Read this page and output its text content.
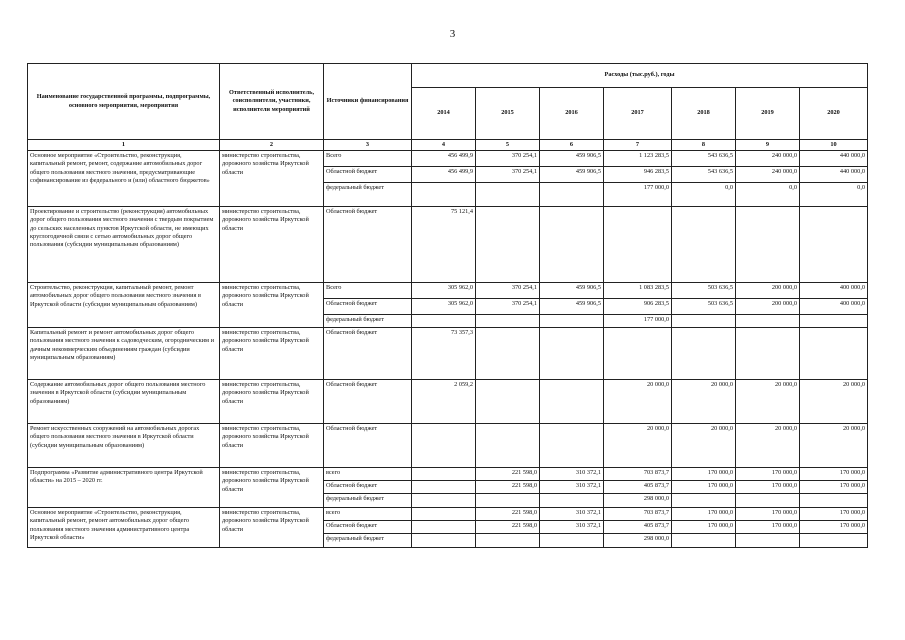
3
Наименование государственной программы, подпрограммы, основного мероприятия, мероприятия	Ответственный исполнитель, соисполнители, участники, исполнители мероприятий	Источники финансирования	Расходы (тыс.руб.), годы						
			2014	2015	2016	2017	2018	2019	2020
1	2	3	4	5	6	7	8	9	10
Основное мероприятие «Строительство, реконструкция, капитальный ремонт, ремонт, содержание автомобильных дорог общего пользования местного значения, предусматривающие софинансирование из федерального и (или) областного бюджетов»	министерство строительства, дорожного хозяйства Иркутской области	Всего	456 499,9	370 254,1	459 906,5	1 123 283,5	543 636,5	240 000,0	440 000,0
		Областной бюджет	456 499,9	370 254,1	459 906,5	946 283,5	543 636,5	240 000,0	440 000,0
		федеральный бюджет				177 000,0	0,0	0,0	0,0
Проектирование и строительство (реконструкция) автомобильных дорог общего пользования местного значения с твердым покрытием до сельских населенных пунктов Иркутской области, не имеющих круглогодичной связи с сетью автомобильных дорог общего пользования (субсидии муниципальным образованиям)	министерство строительства, дорожного хозяйства Иркутской области	Областной бюджет	75 121,4						
Строительство, реконструкция, капитальный ремонт, ремонт автомобильных дорог общего пользования местного значения в Иркутской области (субсидии муниципальным образованиям)	министерство строительства, дорожного хозяйства Иркутской области	Всего	305 962,0	370 254,1	459 906,5	1 083 283,5	503 636,5	200 000,0	400 000,0
		Областной бюджет	305 962,0	370 254,1	459 906,5	906 283,5	503 636,5	200 000,0	400 000,0
		федеральный бюджет				177 000,0			
Капитальный ремонт и ремонт автомобильных дорог общего пользования местного значения к садоводческим, огородническим и дачным некоммерческим объединениям граждан (субсидии муниципальным образованиям)	министерство строительства, дорожного хозяйства Иркутской области	Областной бюджет	73 357,3						
Содержание автомобильных дорог общего пользования местного значения в Иркутской области (субсидии муниципальным образованиям)	министерство строительства, дорожного хозяйства Иркутской области	Областной бюджет	2 059,2			20 000,0	20 000,0	20 000,0	20 000,0
Ремонт искусственных сооружений на автомобильных дорогах общего пользования местного значения в Иркутской области (субсидии муниципальным образованиям)	министерство строительства, дорожного хозяйства Иркутской области	Областной бюджет				20 000,0	20 000,0	20 000,0	20 000,0
Подпрограмма «Развитие административного центра Иркутской области» на 2015 – 2020 гг.	министерство строительства, дорожного хозяйства Иркутской области	всего		221 598,0	310 372,1	703 873,7	170 000,0	170 000,0	170 000,0
		Областной бюджет		221 598,0	310 372,1	405 873,7	170 000,0	170 000,0	170 000,0
		федеральный бюджет				298 000,0			
Основное мероприятие «Строительство, реконструкция, капитальный ремонт, ремонт автомобильных дорог общего пользования местного значения административного центра Иркутской области»	министерство строительства, дорожного хозяйства Иркутской области	всего		221 598,0	310 372,1	703 873,7	170 000,0	170 000,0	170 000,0
		Областной бюджет		221 598,0	310 372,1	405 873,7	170 000,0	170 000,0	170 000,0
		федеральный бюджет				298 000,0			
